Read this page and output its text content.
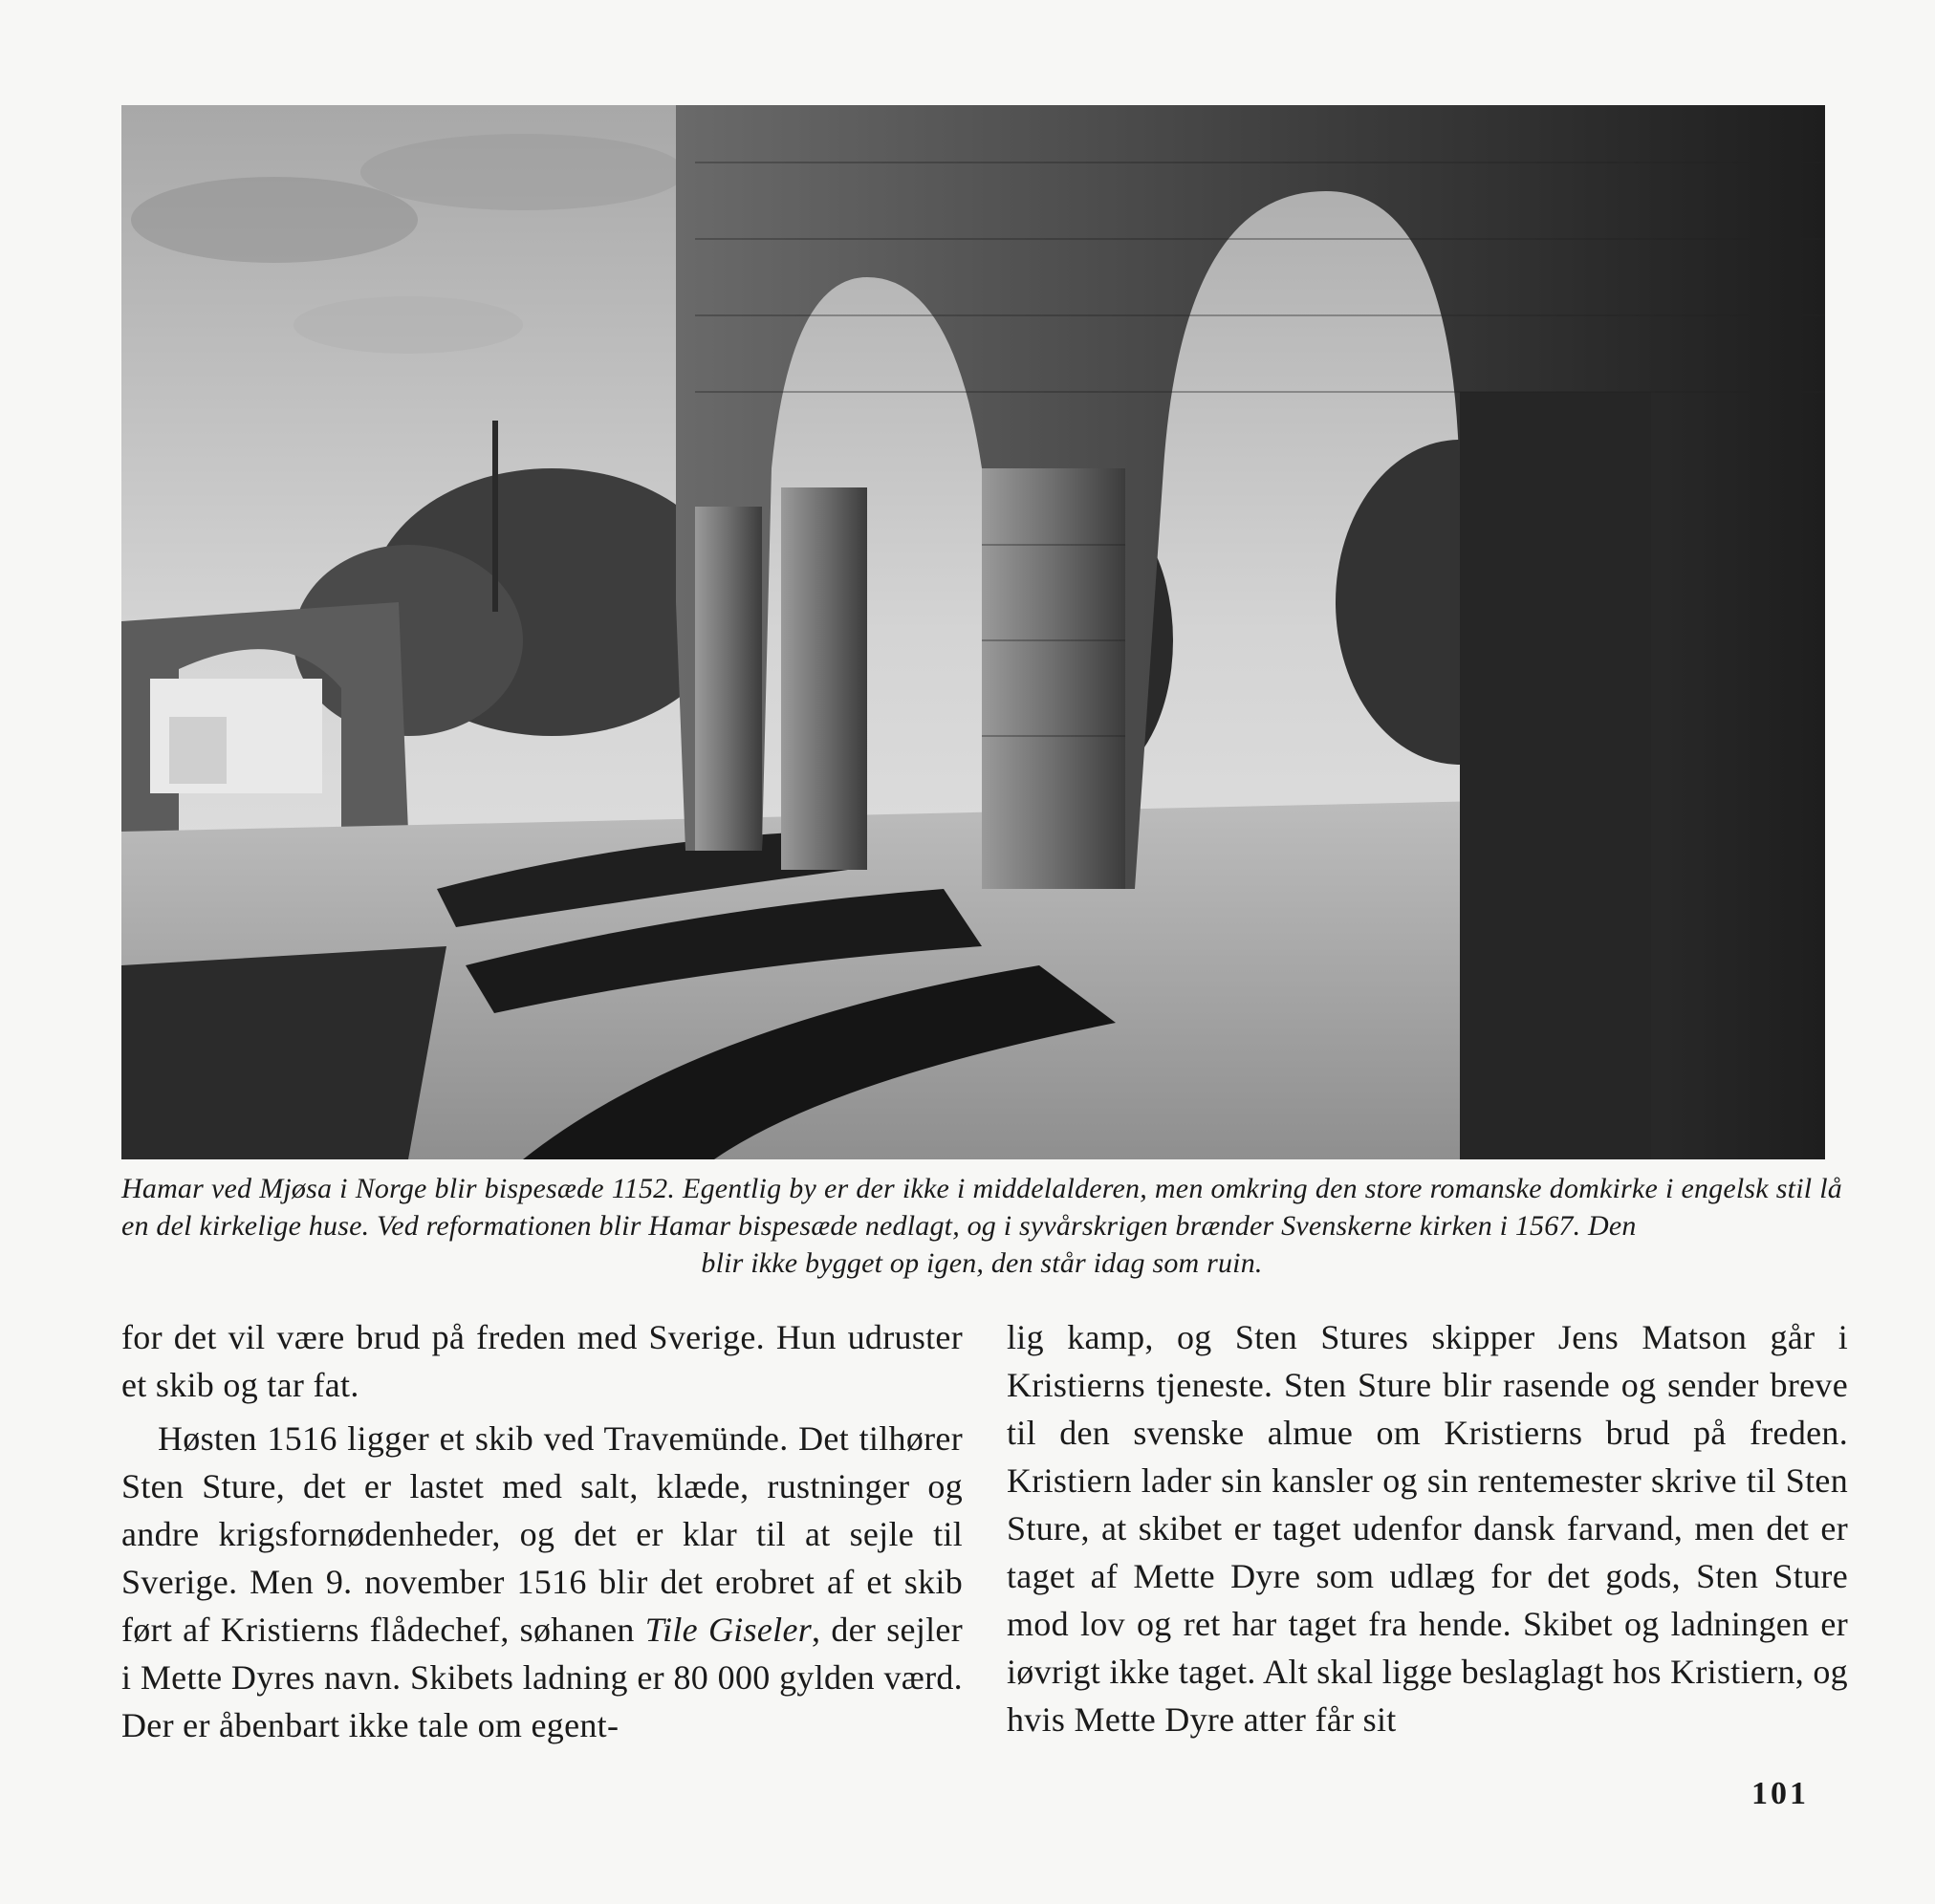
Hamar ved Mjøsa i Norge blir bispesæde 1152. Egentlig by er der ikke i middelalderen, men omkring den store romanske domkirke i engelsk stil lå en del kirkelige huse. Ved reformationen blir Hamar bispesæde nedlagt, og i syvårskrigen brænder Svenskerne kirken i 1567. Den
blir ikke bygget op igen, den står idag som ruin.

for det vil være brud på freden med Sverige. Hun udruster et skib og tar fat.

Høsten 1516 ligger et skib ved Travemünde. Det tilhører Sten Sture, det er lastet med salt, klæde, rustninger og andre krigsfornødenheder, og det er klar til at sejle til Sverige. Men 9. november 1516 blir det erobret af et skib ført af Kristierns flådechef, søhanen Tile Giseler, der sejler i Mette Dyres navn. Skibets ladning er 80 000 gylden værd. Der er åbenbart ikke tale om egent-

lig kamp, og Sten Stures skipper Jens Matson går i Kristierns tjeneste. Sten Sture blir rasende og sender breve til den svenske almue om Kristierns brud på freden. Kristiern lader sin kansler og sin rentemester skrive til Sten Sture, at skibet er taget udenfor dansk farvand, men det er taget af Mette Dyre som udlæg for det gods, Sten Sture mod lov og ret har taget fra hende. Skibet og ladningen er iøvrigt ikke taget. Alt skal ligge beslaglagt hos Kristiern, og hvis Mette Dyre atter får sit

101
